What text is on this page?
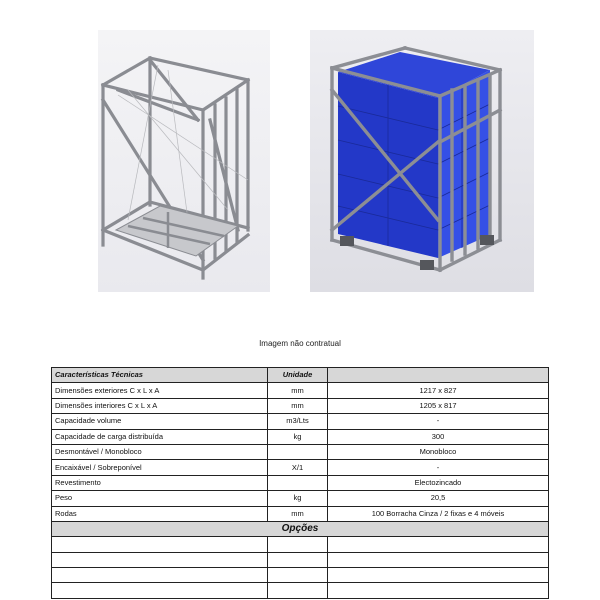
Imagem não contratual
Características Técnicas	Unidade	
Dimensões exteriores C x L x A	mm	1217 x 827
Dimensões interiores C x L x A	mm	1205 x 817
Capacidade volume	m3/Lts	-
Capacidade de carga distribuída	kg	300
Desmontável / Monobloco		Monobloco
Encaixável / Sobreponível	X/1	-
Revestimento		Electozincado
Peso	kg	20,5
Rodas	mm	100 Borracha Cinza / 2 fixas e 4 móveis
Opções		
